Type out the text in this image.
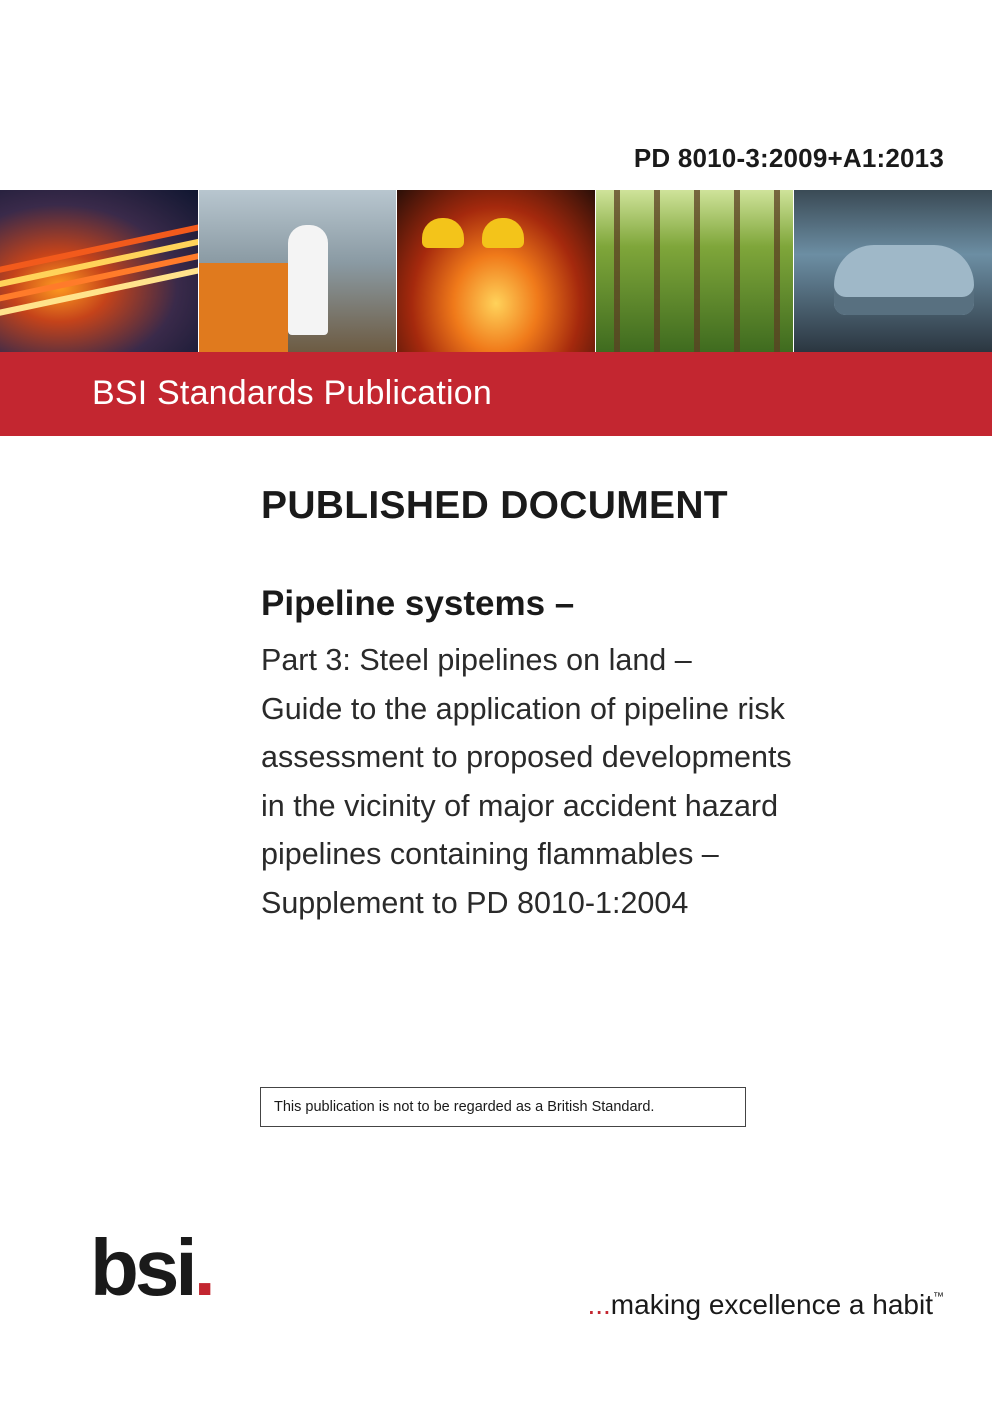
PD 8010-3:2009+A1:2013
BSI Standards Publication
PUBLISHED DOCUMENT
Pipeline systems –
Part 3: Steel pipelines on land –
Guide to the application of pipeline risk
assessment to proposed developments
in the vicinity of major accident hazard
pipelines containing flammables –
Supplement to PD 8010-1:2004
This publication is not to be regarded as a British Standard.
bsi.	...making excellence a habit™
